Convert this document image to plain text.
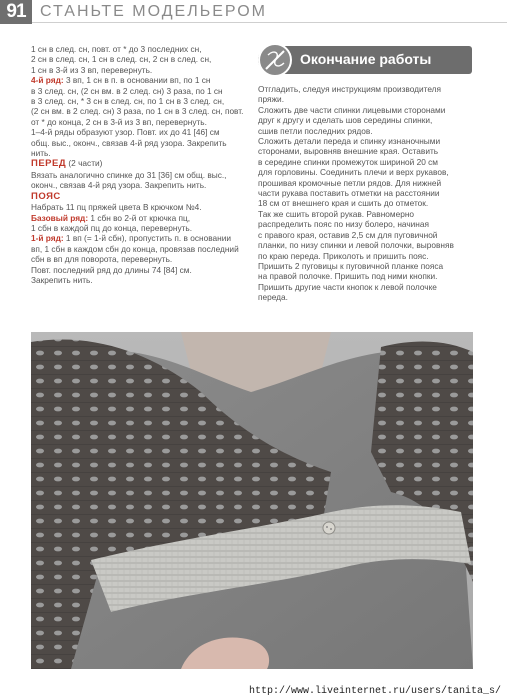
91 СТАНЬТЕ МОДЕЛЬЕРОМ

1 сн в след. сн, повт. от * до 3 последних сн,

2 сн в след. сн, 1 сн в след. сн, 2 сн в след. сн,

1 сн в 3-й из 3 вп, перевернуть.

4-й ряд: 3 вп, 1 сн в п. в основании вп, по 1 сн

в 3 след. сн, (2 сн вм. в 2 след. сн) 3 раза, по 1 сн

в 3 след. сн, * 3 сн в след. сн, по 1 сн в 3 след. сн,

(2 сн вм. в 2 след. сн) 3 раза, по 1 сн в 3 след. сн, повт.

от * до конца, 2 сн в 3-й из 3 вп, перевернуть.

1–4-й ряды образуют узор. Повт. их до 41 [46] см

общ. выс., оконч., связав 4-й ряд узора. Закрепить нить.

ПЕРЕД (2 части)

Вязать аналогично спинке до 31 [36] см общ. выс.,

оконч., связав 4-й ряд узора. Закрепить нить.

ПОЯС

Набрать 11 пц пряжей цвета B крючком №4.

Базовый ряд: 1 сбн во 2-й от крючка пц,

1 сбн в каждой пц до конца, перевернуть.

1-й ряд: 1 вп (= 1-й сбн), пропустить п. в основании

вп, 1 сбн в каждом сбн до конца, провязав последний

сбн в вп для поворота, перевернуть.

Повт. последний ряд до длины 74 [84] см.

Закрепить нить.

Окончание работы

Отгладить, следуя инструкциям производителя

пряжи.

Сложить две части спинки лицевыми сторонами

друг к другу и сделать шов середины спинки,

сшив петли последних рядов.

Сложить детали переда и спинку изнаночными

сторонами, выровняв внешние края. Оставить

в середине спинки промежуток шириной 20 см

для горловины. Соединить плечи и верх рукавов,

прошивая кромочные петли рядов. Для нижней

части рукава поставить отметки на расстоянии

18 см от внешнего края и сшить до отметок.

Так же сшить второй рукав. Равномерно

распределить пояс по низу болеро, начиная

с правого края, оставив 2,5 см для пуговичной

планки, по низу спинки и левой полочки, выровняв

по краю переда. Приколоть и пришить пояс.

Пришить 2 пуговицы к пуговичной планке пояса

на правой полочке. Пришить под ними кнопки.

Пришить другие части кнопок к левой полочке

переда.

http://www.liveinternet.ru/users/tanita_s/
